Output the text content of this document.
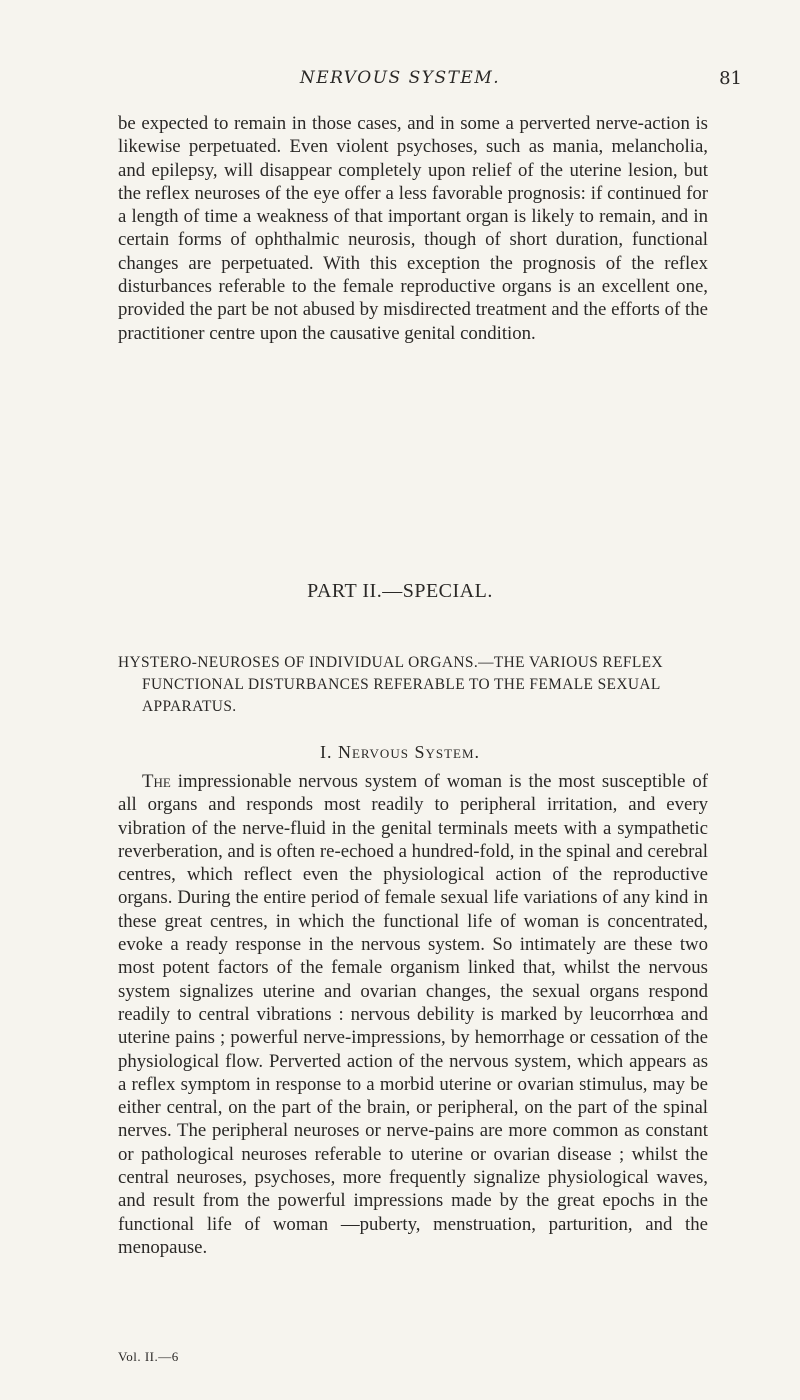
NERVOUS SYSTEM.	81

be expected to remain in those cases, and in some a perverted nerve-action is likewise perpetuated. Even violent psychoses, such as mania, melancholia, and epilepsy, will disappear completely upon relief of the uterine lesion, but the reflex neuroses of the eye offer a less favorable prognosis: if continued for a length of time a weakness of that important organ is likely to remain, and in certain forms of ophthalmic neurosis, though of short duration, functional changes are perpetuated. With this exception the prognosis of the reflex disturbances referable to the female reproductive organs is an excellent one, provided the part be not abused by misdirected treatment and the efforts of the practitioner centre upon the causative genital condition.

PART II.—SPECIAL.

HYSTERO-NEUROSES OF INDIVIDUAL ORGANS.—THE VARIOUS REFLEX FUNCTIONAL DISTURBANCES REFERABLE TO THE FEMALE SEXUAL APPARATUS.

I. Nervous System.

The impressionable nervous system of woman is the most susceptible of all organs and responds most readily to peripheral irritation, and every vibration of the nerve-fluid in the genital terminals meets with a sympathetic reverberation, and is often re-echoed a hundred-fold, in the spinal and cerebral centres, which reflect even the physiological action of the reproductive organs. During the entire period of female sexual life variations of any kind in these great centres, in which the functional life of woman is concentrated, evoke a ready response in the nervous system. So intimately are these two most potent factors of the female organism linked that, whilst the nervous system signalizes uterine and ovarian changes, the sexual organs respond readily to central vibrations : nervous debility is marked by leucorrhœa and uterine pains ; powerful nerve-impressions, by hemorrhage or cessation of the physiological flow. Perverted action of the nervous system, which appears as a reflex symptom in response to a morbid uterine or ovarian stimulus, may be either central, on the part of the brain, or peripheral, on the part of the spinal nerves. The peripheral neuroses or nerve-pains are more common as constant or pathological neuroses referable to uterine or ovarian disease ; whilst the central neuroses, psychoses, more frequently signalize physiological waves, and result from the powerful impressions made by the great epochs in the functional life of woman —puberty, menstruation, parturition, and the menopause.

Vol. II.—6
